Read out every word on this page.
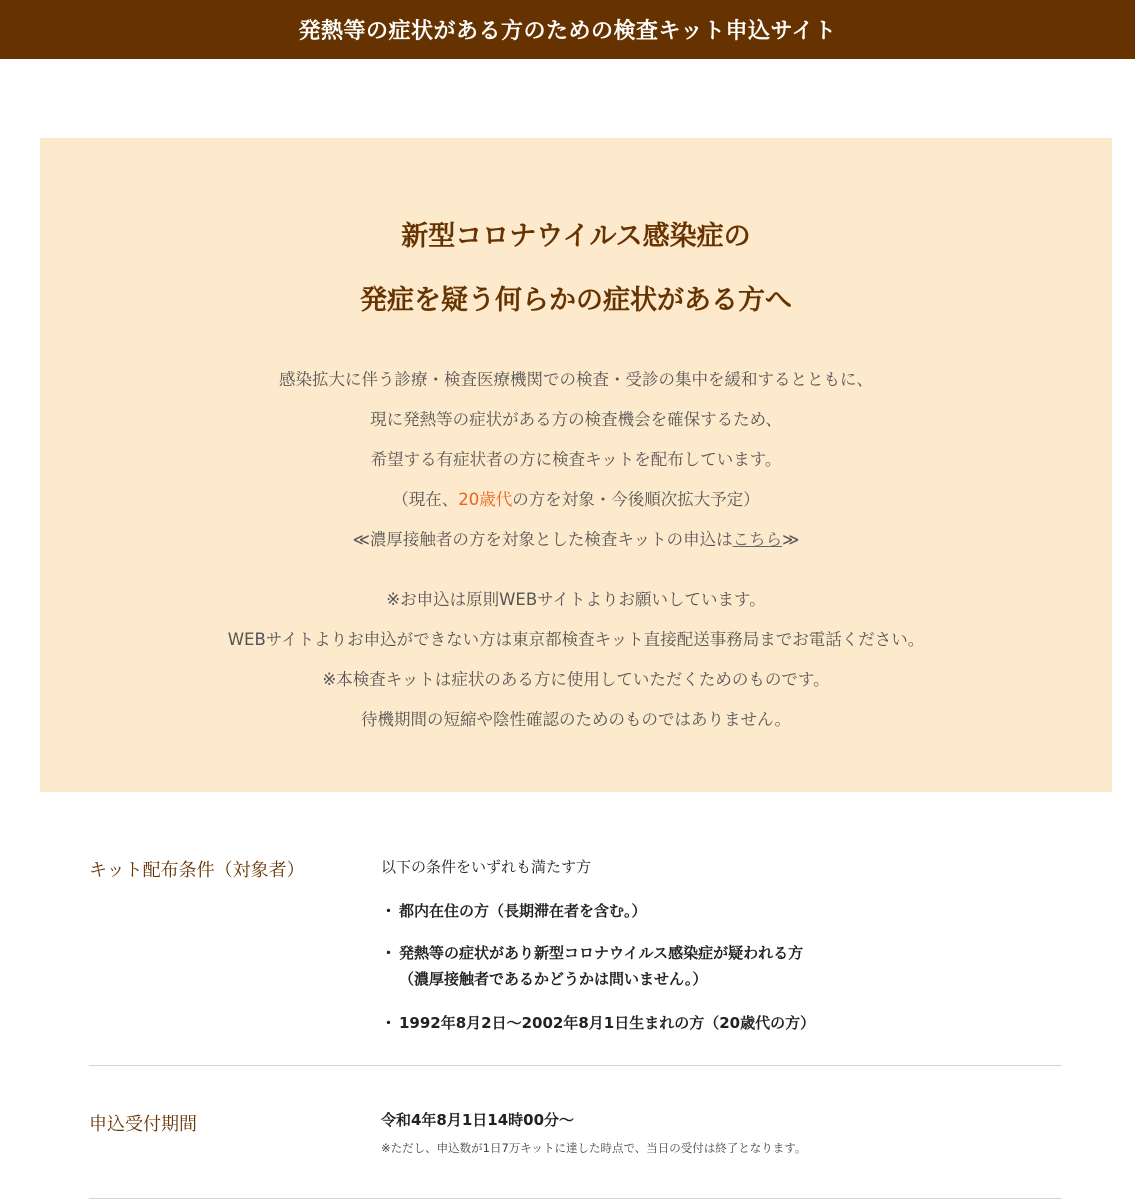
発熱等の症状がある方のための検査キット申込サイト
新型コロナウイルス感染症の
発症を疑う何らかの症状がある方へ
感染拡大に伴う診療・検査医療機関での検査・受診の集中を緩和するとともに、
現に発熱等の症状がある方の検査機会を確保するため、
希望する有症状者の方に検査キットを配布しています。
（現在、20歳代の方を対象・今後順次拡大予定）
≪濃厚接触者の方を対象とした検査キットの申込はこちら≫
※お申込は原則WEBサイトよりお願いしています。
WEBサイトよりお申込ができない方は東京都検査キット直接配送事務局までお電話ください。
※本検査キットは症状のある方に使用していただくためのものです。
待機期間の短縮や陰性確認のためのものではありません。
キット配布条件（対象者）	以下の条件をいずれも満たす方
・ 都内在住の方（長期滞在者を含む。）
・ 発熱等の症状があり新型コロナウイルス感染症が疑われる方
（濃厚接触者であるかどうかは問いません。）
・ 1992年8月2日～2002年8月1日生まれの方（20歳代の方）
申込受付期間	令和4年8月1日14時00分～
※ただし、申込数が1日7万キットに達した時点で、当日の受付は終了となります。
